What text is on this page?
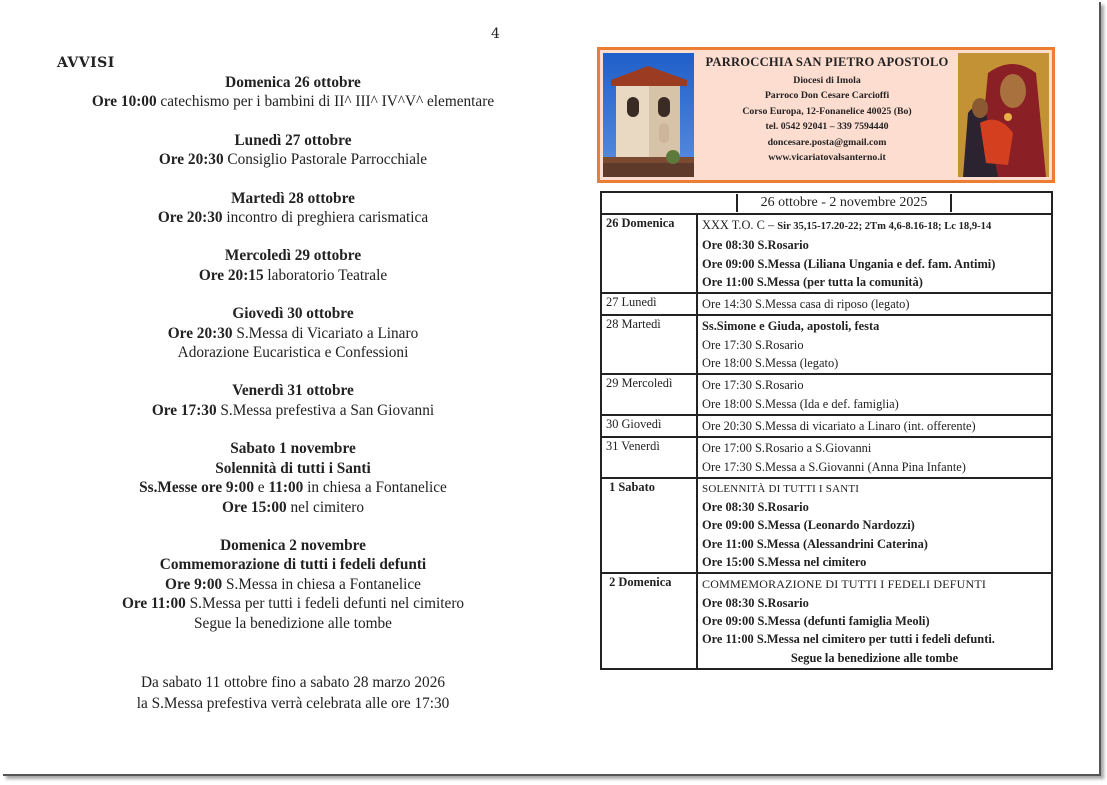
4
AVVISI
Domenica 26 ottobre
Ore 10:00 catechismo per i bambini di II^ III^ IV^V^ elementare
Lunedì 27 ottobre
Ore 20:30 Consiglio Pastorale Parrocchiale
Martedì 28 ottobre
Ore 20:30 incontro di preghiera carismatica
Mercoledì 29 ottobre
Ore 20:15 laboratorio Teatrale
Giovedì 30 ottobre
Ore 20:30 S.Messa di Vicariato a Linaro
Adorazione Eucaristica e Confessioni
Venerdì 31 ottobre
Ore 17:30 S.Messa prefestiva a San Giovanni
Sabato 1 novembre
Solennità di tutti i Santi
Ss.Messe ore 9:00 e 11:00 in chiesa a Fontanelice
Ore 15:00 nel cimitero
Domenica 2 novembre
Commemorazione di tutti i fedeli defunti
Ore 9:00 S.Messa in chiesa a Fontanelice
Ore 11:00 S.Messa per tutti i fedeli defunti nel cimitero
Segue la benedizione alle tombe
Da sabato 11 ottobre fino a sabato 28 marzo 2026
la S.Messa prefestiva verrà celebrata alle ore 17:30
PARROCCHIA SAN PIETRO APOSTOLO
Diocesi di Imola
Parroco Don Cesare Carcioffi
Corso Europa, 12-Fonanelice 40025 (Bo)
tel. 0542 92041 – 339 7594440
doncesare.posta@gmail.com
www.vicariatovalsanterno.it
26 ottobre - 2 novembre 2025	

26 Domenica	XXX T.O. C – Sir 35,15-17.20-22; 2Tm 4,6-8.16-18; Lc 18,9-14
Ore 08:30 S.Rosario
Ore 09:00 S.Messa (Liliana Ungania e def. fam. Antimi)
Ore 11:00 S.Messa (per tutta la comunità)

27 Lunedì	Ore 14:30 S.Messa casa di riposo (legato)

28 Martedì	Ss.Simone e Giuda, apostoli, festa
Ore 17:30 S.Rosario
Ore 18:00 S.Messa (legato)

29 Mercoledì	Ore 17:30 S.Rosario
Ore 18:00 S.Messa (Ida e def. famiglia)

30 Giovedì	Ore 20:30 S.Messa di vicariato a Linaro (int. offerente)

31 Venerdì	Ore 17:00 S.Rosario a S.Giovanni
Ore 17:30 S.Messa a S.Giovanni (Anna Pina Infante)

1 Sabato	SOLENNITÀ DI TUTTI I SANTI
Ore 08:30 S.Rosario
Ore 09:00 S.Messa (Leonardo Nardozzi)
Ore 11:00 S.Messa (Alessandrini Caterina)
Ore 15:00 S.Messa nel cimitero

2 Domenica	COMMEMORAZIONE DI TUTTI I FEDELI DEFUNTI
Ore 08:30 S.Rosario
Ore 09:00 S.Messa (defunti famiglia Meoli)
Ore 11:00 S.Messa nel cimitero per tutti i fedeli defunti.
Segue la benedizione alle tombe
